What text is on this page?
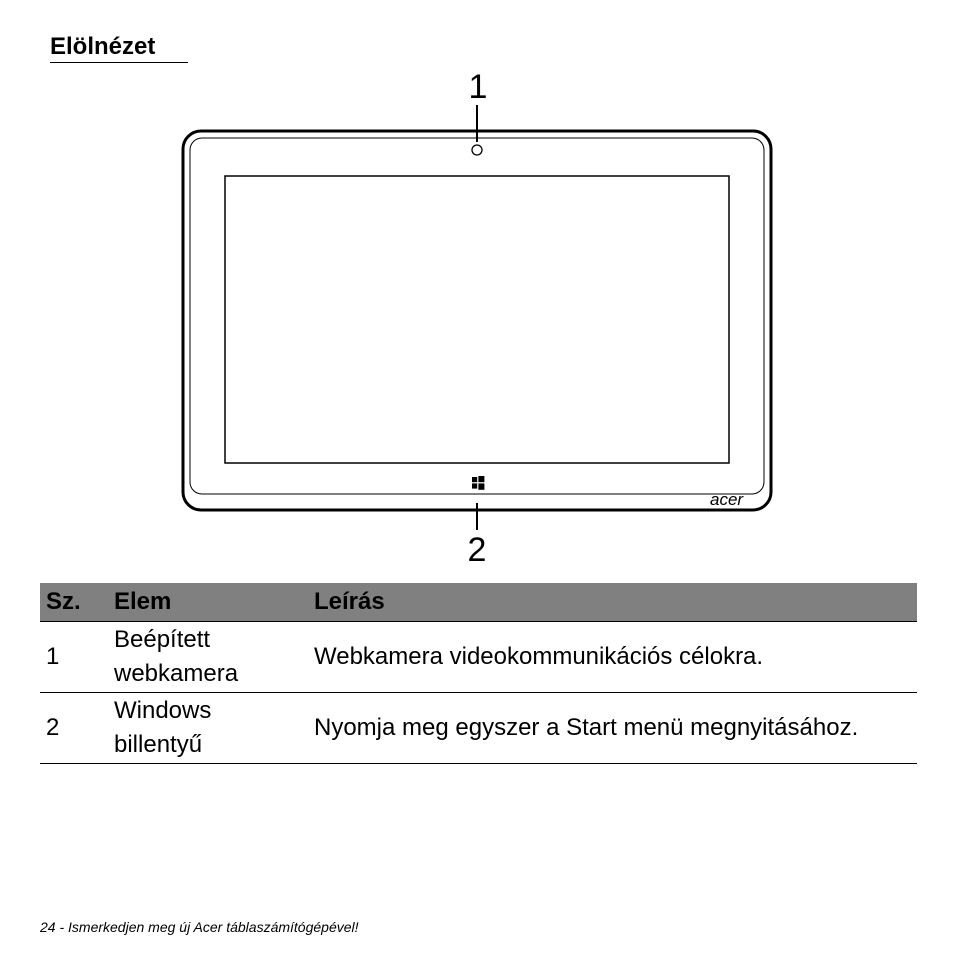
Elölnézet
acer
1
2
Sz.	Elem	Leírás
1	Beépített webkamera	Webkamera videokommunikációs célokra.
2	Windows billentyű	Nyomja meg egyszer a Start menü megnyitásához.
24 - Ismerkedjen meg új Acer táblaszámítógépével!
